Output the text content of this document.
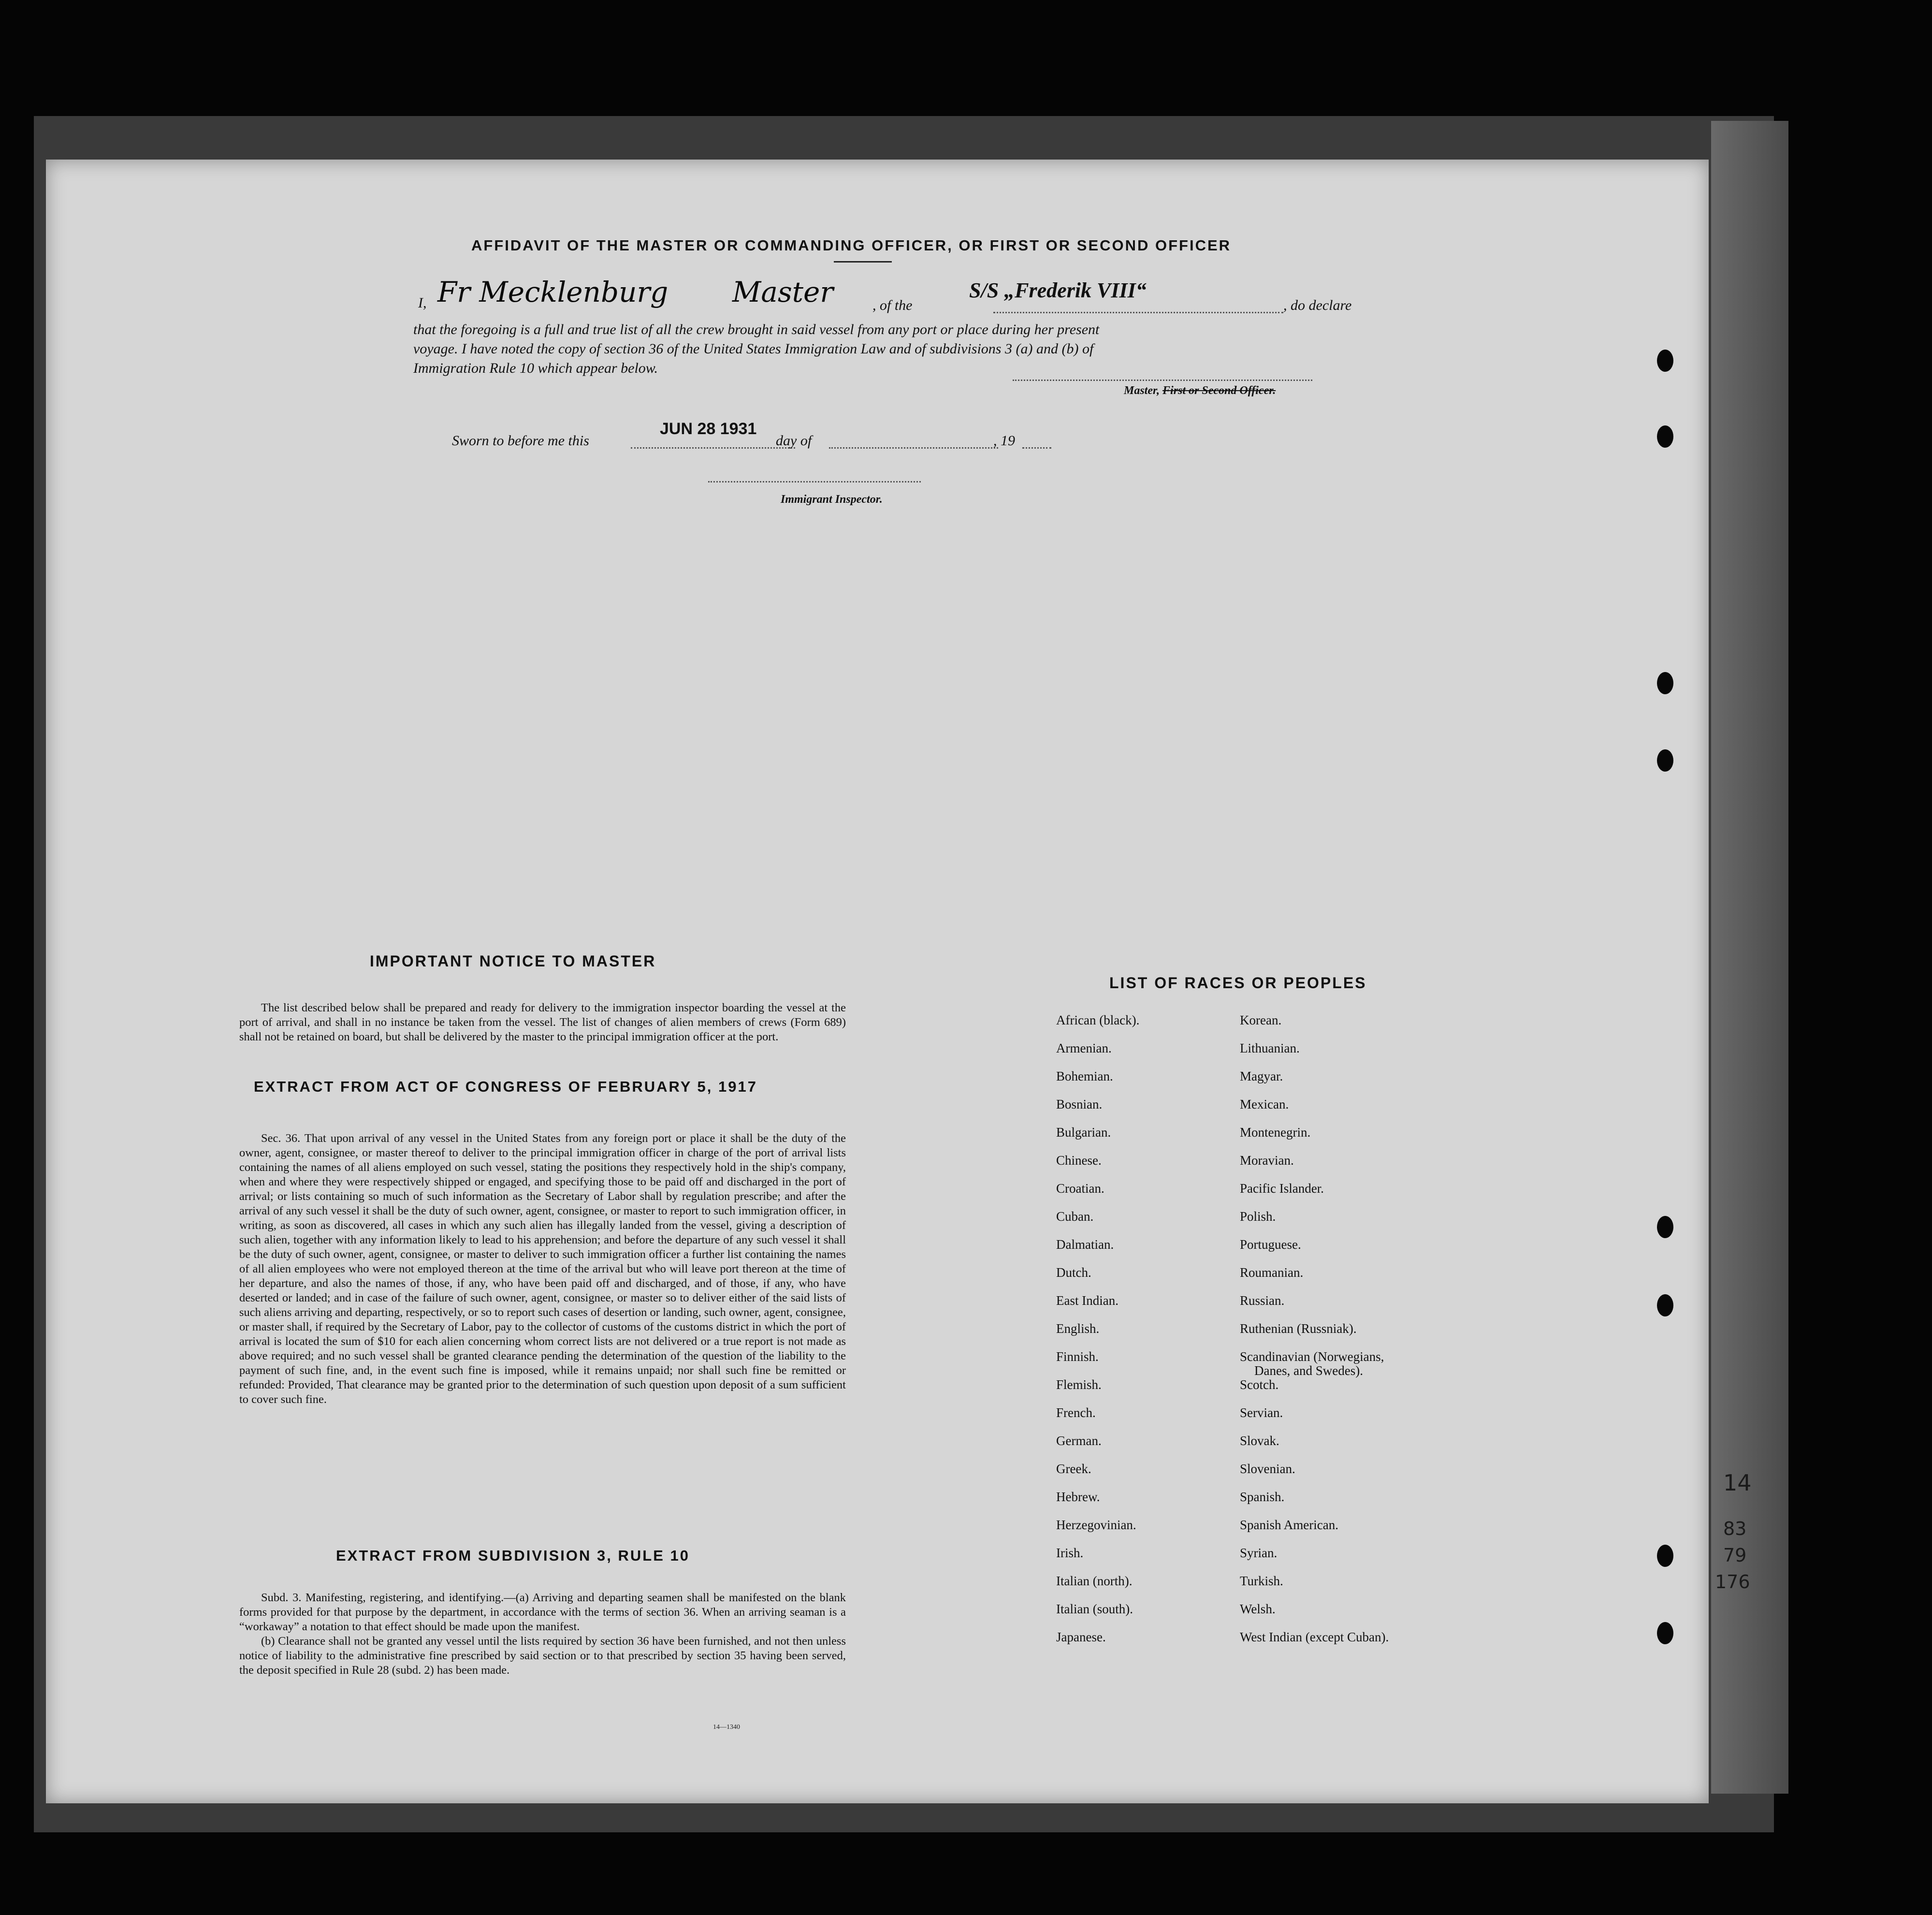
AFFIDAVIT OF THE MASTER OR COMMANDING OFFICER, OR FIRST OR SECOND OFFICER
I, Fr Mecklenburg Master	, of the
S/S „Frederik VIII“
, do declare
that the foregoing is a full and true list of all the crew brought in said vessel from any port or place during her present
voyage. I have noted the copy of section 36 of the United States Immigration Law and of subdivisions 3 (a) and (b) of
Immigration Rule 10 which appear below.
Master, First or Second Officer.
Sworn to before me this
JUN 28 1931
day of	, 19
Immigrant Inspector.
IMPORTANT NOTICE TO MASTER

The list described below shall be prepared and ready for delivery to the immigration inspector boarding the vessel at the port of arrival, and shall in no instance be taken from the vessel. The list of changes of alien members of crews (Form 689) shall not be retained on board, but shall be delivered by the master to the principal immigration officer at the port.

EXTRACT FROM ACT OF CONGRESS OF FEBRUARY 5, 1917

Sec. 36. That upon arrival of any vessel in the United States from any foreign port or place it shall be the duty of the owner, agent, consignee, or master thereof to deliver to the principal immigration officer in charge of the port of arrival lists containing the names of all aliens employed on such vessel, stating the positions they respectively hold in the ship's company, when and where they were respectively shipped or engaged, and specifying those to be paid off and discharged in the port of arrival; or lists containing so much of such information as the Secretary of Labor shall by regulation prescribe; and after the arrival of any such vessel it shall be the duty of such owner, agent, consignee, or master to report to such immigration officer, in writing, as soon as discovered, all cases in which any such alien has illegally landed from the vessel, giving a description of such alien, together with any information likely to lead to his apprehension; and before the departure of any such vessel it shall be the duty of such owner, agent, consignee, or master to deliver to such immigration officer a further list containing the names of all alien employees who were not employed thereon at the time of the arrival but who will leave port thereon at the time of her departure, and also the names of those, if any, who have been paid off and discharged, and of those, if any, who have deserted or landed; and in case of the failure of such owner, agent, consignee, or master so to deliver either of the said lists of such aliens arriving and departing, respectively, or so to report such cases of desertion or landing, such owner, agent, consignee, or master shall, if required by the Secretary of Labor, pay to the collector of customs of the customs district in which the port of arrival is located the sum of $10 for each alien concerning whom correct lists are not delivered or a true report is not made as above required; and no such vessel shall be granted clearance pending the determination of the question of the liability to the payment of such fine, and, in the event such fine is imposed, while it remains unpaid; nor shall such fine be remitted or refunded: Provided, That clearance may be granted prior to the determination of such question upon deposit of a sum sufficient to cover such fine.

EXTRACT FROM SUBDIVISION 3, RULE 10

Subd. 3. Manifesting, registering, and identifying.—(a) Arriving and departing seamen shall be manifested on the blank forms provided for that purpose by the department, in accordance with the terms of section 36. When an arriving seaman is a “workaway” a notation to that effect should be made upon the manifest.

(b) Clearance shall not be granted any vessel until the lists required by section 36 have been furnished, and not then unless notice of liability to the administrative fine prescribed by said section or to that prescribed by section 35 having been served, the deposit specified in Rule 28 (subd. 2) has been made.

14—1340
LIST OF RACES OR PEOPLES
African (black).
Armenian.
Bohemian.
Bosnian.
Bulgarian.
Chinese.
Croatian.
Cuban.
Dalmatian.
Dutch.
East Indian.
English.
Finnish.
Flemish.
French.
German.
Greek.
Hebrew.
Herzegovinian.
Irish.
Italian (north).
Italian (south).
Japanese.
Korean.
Lithuanian.
Magyar.
Mexican.
Montenegrin.
Moravian.
Pacific Islander.
Polish.
Portuguese.
Roumanian.
Russian.
Ruthenian (Russniak).
Scandinavian (Norwegians,
Danes, and Swedes).
Scotch.
Servian.
Slovak.
Slovenian.
Spanish.
Spanish American.
Syrian.
Turkish.
Welsh.
West Indian (except Cuban).
14
83
79
176
